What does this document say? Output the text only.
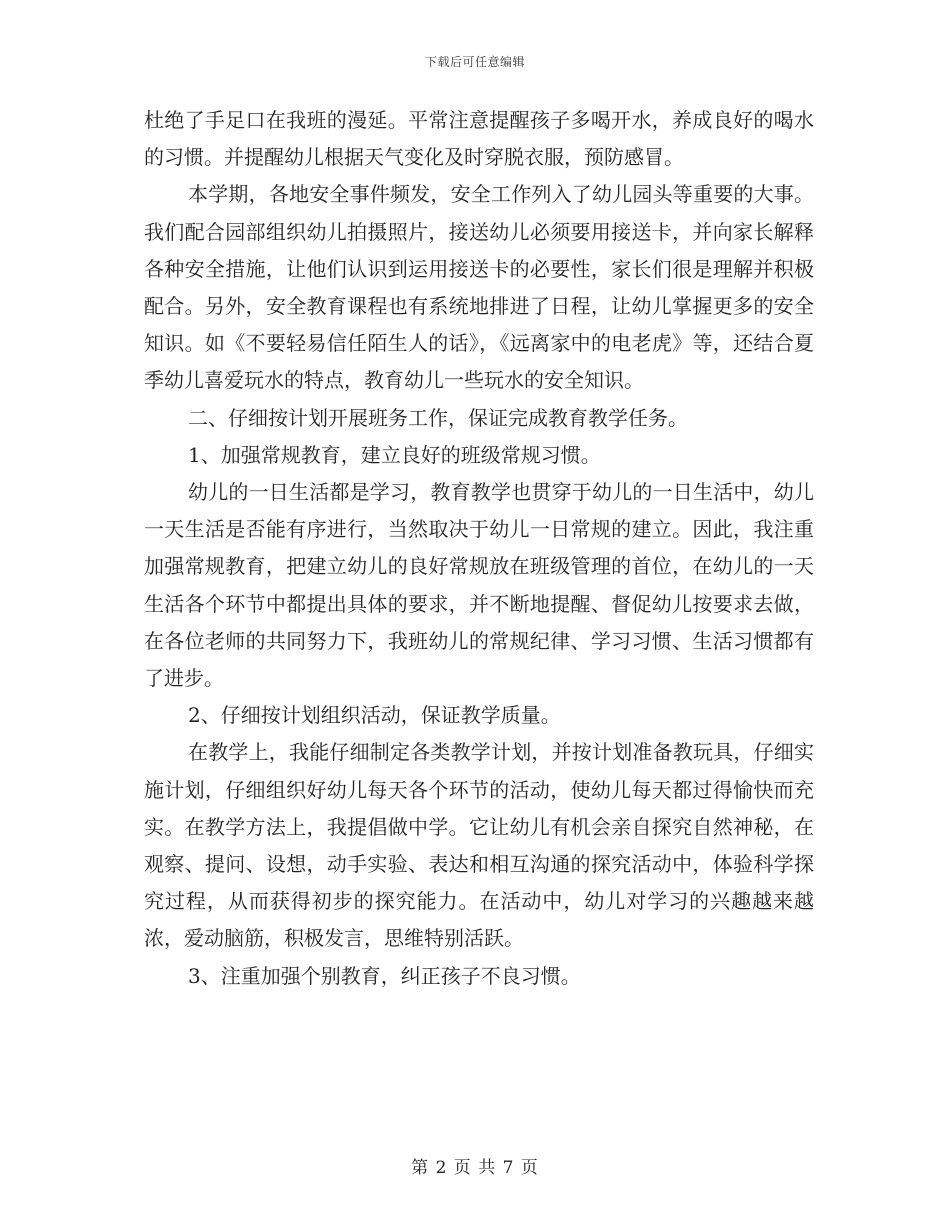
下载后可任意编辑

杜绝了手足口在我班的漫延。平常注意提醒孩子多喝开水，养成良好的喝水的习惯。并提醒幼儿根据天气变化及时穿脱衣服，预防感冒。

本学期，各地安全事件频发，安全工作列入了幼儿园头等重要的大事。我们配合园部组织幼儿拍摄照片，接送幼儿必须要用接送卡，并向家长解释各种安全措施，让他们认识到运用接送卡的必要性，家长们很是理解并积极配合。另外，安全教育课程也有系统地排进了日程，让幼儿掌握更多的安全知识。如《不要轻易信任陌生人的话》，《远离家中的电老虎》等，还结合夏季幼儿喜爱玩水的特点，教育幼儿一些玩水的安全知识。

二、仔细按计划开展班务工作，保证完成教育教学任务。

1、加强常规教育，建立良好的班级常规习惯。

幼儿的一日生活都是学习，教育教学也贯穿于幼儿的一日生活中，幼儿一天生活是否能有序进行，当然取决于幼儿一日常规的建立。因此，我注重加强常规教育，把建立幼儿的良好常规放在班级管理的首位，在幼儿的一天生活各个环节中都提出具体的要求，并不断地提醒、督促幼儿按要求去做，在各位老师的共同努力下，我班幼儿的常规纪律、学习习惯、生活习惯都有了进步。

2、仔细按计划组织活动，保证教学质量。

在教学上，我能仔细制定各类教学计划，并按计划准备教玩具，仔细实施计划，仔细组织好幼儿每天各个环节的活动，使幼儿每天都过得愉快而充实。在教学方法上，我提倡做中学。它让幼儿有机会亲自探究自然神秘，在观察、提问、设想，动手实验、表达和相互沟通的探究活动中，体验科学探究过程，从而获得初步的探究能力。在活动中，幼儿对学习的兴趣越来越浓，爱动脑筋，积极发言，思维特别活跃。

3、注重加强个别教育，纠正孩子不良习惯。

第 2 页 共 7 页
